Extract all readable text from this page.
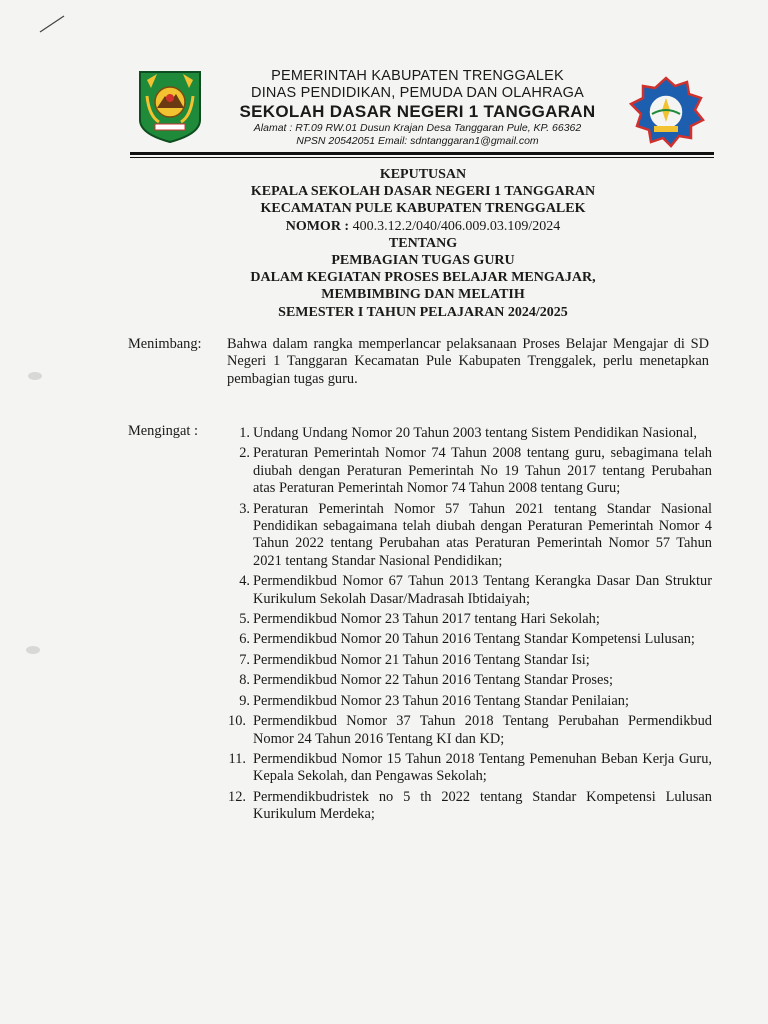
PEMERINTAH KABUPATEN TRENGGALEK
DINAS PENDIDIKAN, PEMUDA DAN OLAHRAGA
SEKOLAH DASAR NEGERI 1 TANGGARAN
Alamat : RT.09 RW.01 Dusun Krajan Desa Tanggaran Pule, KP. 66362
NPSN 20542051 Email: sdntanggaran1@gmail.com
KEPUTUSAN
KEPALA SEKOLAH DASAR NEGERI 1 TANGGARAN
KECAMATAN PULE KABUPATEN TRENGGALEK
NOMOR : 400.3.12.2/040/406.009.03.109/2024
TENTANG
PEMBAGIAN TUGAS GURU
DALAM KEGIATAN PROSES BELAJAR MENGAJAR,
MEMBIMBING DAN MELATIH
SEMESTER I TAHUN PELAJARAN 2024/2025
Menimbang: Bahwa dalam rangka memperlancar pelaksanaan Proses Belajar Mengajar di SD Negeri 1 Tanggaran Kecamatan Pule Kabupaten Trenggalek, perlu menetapkan pembagian tugas guru.
Mengingat :	1. Undang Undang Nomor 20 Tahun 2003 tentang Sistem Pendidikan Nasional,
2. Peraturan Pemerintah Nomor 74 Tahun 2008 tentang guru, sebagimana telah diubah dengan Peraturan Pemerintah No 19 Tahun 2017 tentang Perubahan atas Peraturan Pemerintah Nomor 74 Tahun 2008 tentang Guru;
3. Peraturan Pemerintah Nomor 57 Tahun 2021 tentang Standar Nasional Pendidikan sebagaimana telah diubah dengan Peraturan Pemerintah Nomor 4 Tahun 2022 tentang Perubahan atas Peraturan Pemerintah Nomor 57 Tahun 2021 tentang Standar Nasional Pendidikan;
4. Permendikbud Nomor 67 Tahun 2013 Tentang Kerangka Dasar Dan Struktur Kurikulum Sekolah Dasar/Madrasah Ibtidaiyah;
5. Permendikbud Nomor 23 Tahun 2017 tentang Hari Sekolah;
6. Permendikbud Nomor 20 Tahun 2016 Tentang Standar Kompetensi Lulusan;
7. Permendikbud Nomor 21 Tahun 2016 Tentang Standar Isi;
8. Permendikbud Nomor 22 Tahun 2016 Tentang Standar Proses;
9. Permendikbud Nomor 23 Tahun 2016 Tentang Standar Penilaian;
10. Permendikbud Nomor 37 Tahun 2018 Tentang Perubahan Permendikbud Nomor 24 Tahun 2016 Tentang KI dan KD;
11. Permendikbud Nomor 15 Tahun 2018 Tentang Pemenuhan Beban Kerja Guru, Kepala Sekolah, dan Pengawas Sekolah;
12. Permendikbudristek no 5 th 2022 tentang Standar Kompetensi Lulusan Kurikulum Merdeka;
